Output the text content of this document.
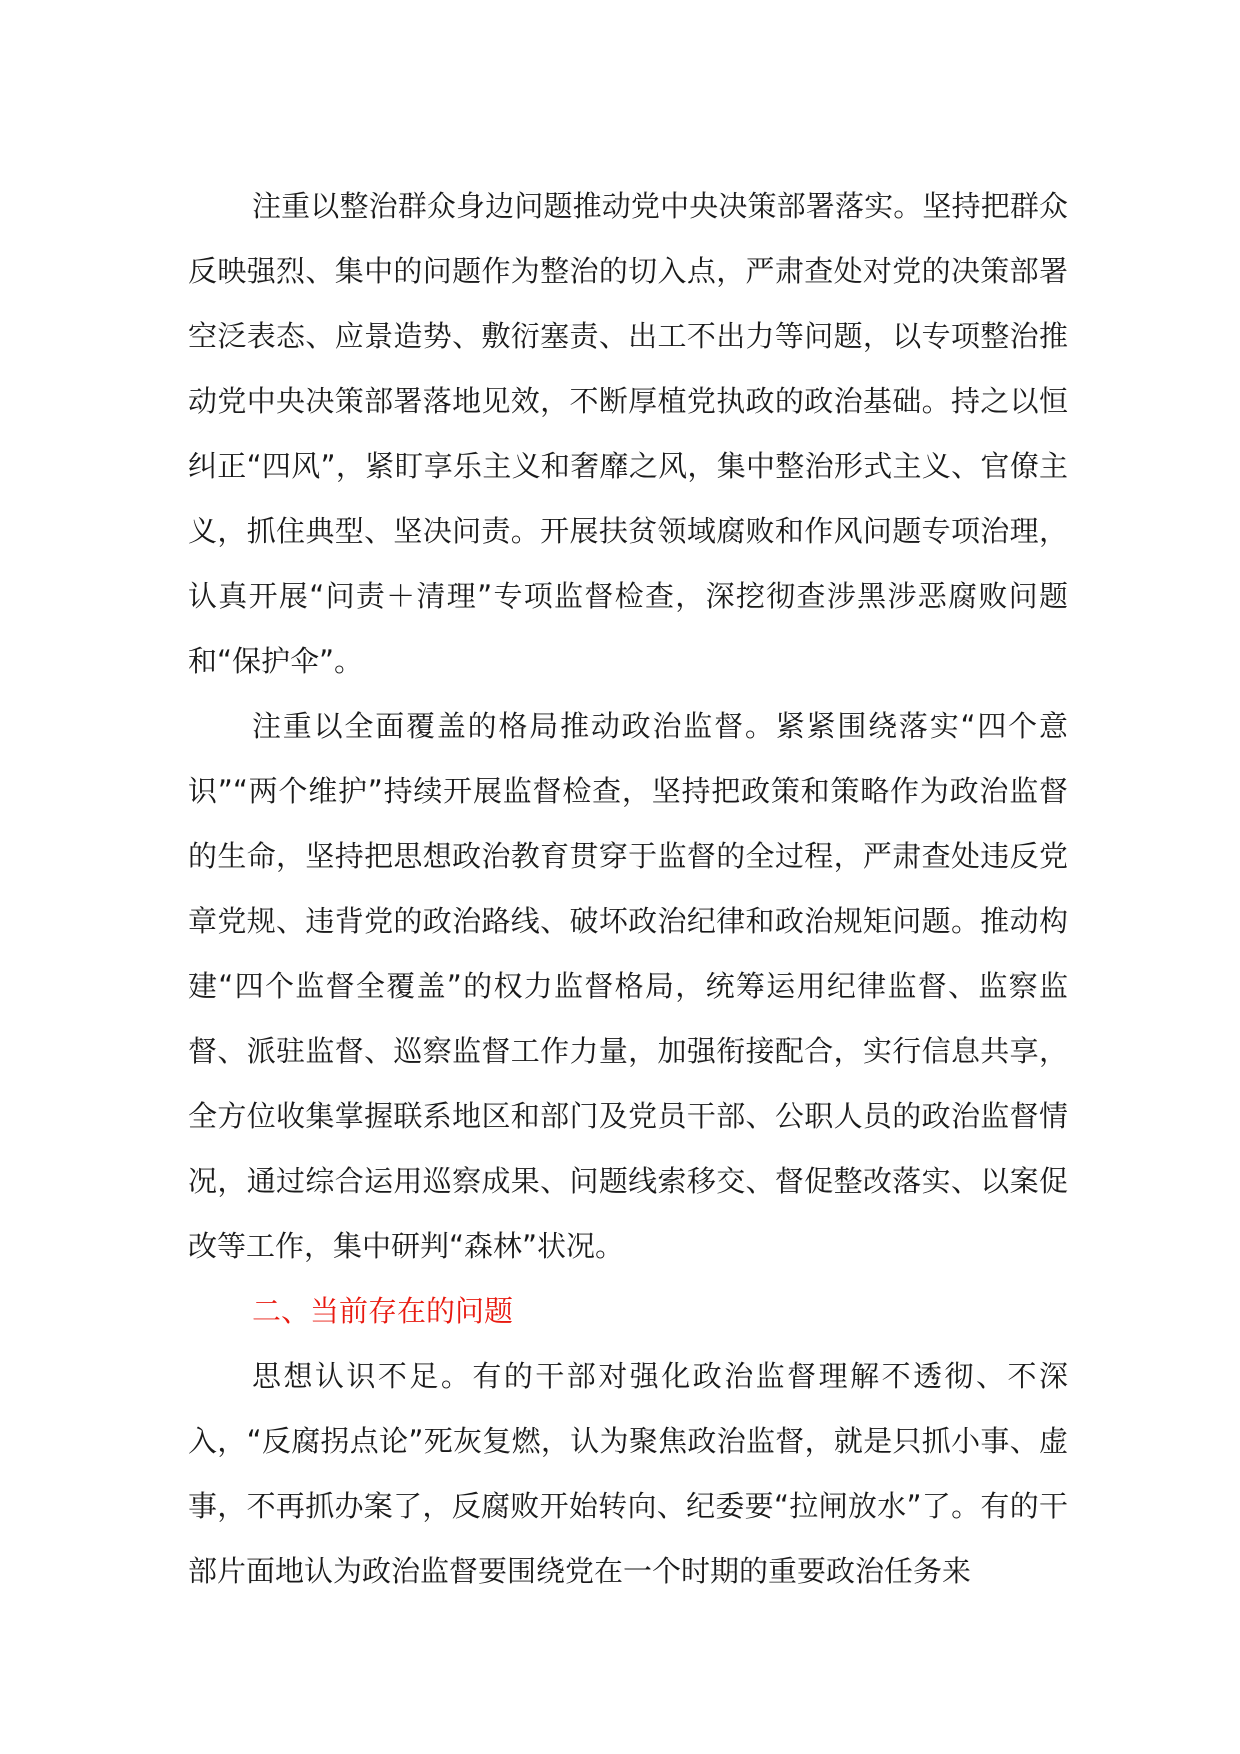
注重以整治群众身边问题推动党中央决策部署落实。坚持把群众反映强烈、集中的问题作为整治的切入点，严肃查处对党的决策部署空泛表态、应景造势、敷衍塞责、出工不出力等问题，以专项整治推动党中央决策部署落地见效，不断厚植党执政的政治基础。持之以恒纠正“四风”，紧盯享乐主义和奢靡之风，集中整治形式主义、官僚主义，抓住典型、坚决问责。开展扶贫领域腐败和作风问题专项治理，认真开展“问责＋清理”专项监督检查，深挖彻查涉黑涉恶腐败问题和“保护伞”。

注重以全面覆盖的格局推动政治监督。紧紧围绕落实“四个意识”“两个维护”持续开展监督检查，坚持把政策和策略作为政治监督的生命，坚持把思想政治教育贯穿于监督的全过程，严肃查处违反党章党规、违背党的政治路线、破坏政治纪律和政治规矩问题。推动构建“四个监督全覆盖”的权力监督格局，统筹运用纪律监督、监察监督、派驻监督、巡察监督工作力量，加强衔接配合，实行信息共享，全方位收集掌握联系地区和部门及党员干部、公职人员的政治监督情况，通过综合运用巡察成果、问题线索移交、督促整改落实、以案促改等工作，集中研判“森林”状况。

二、当前存在的问题

思想认识不足。有的干部对强化政治监督理解不透彻、不深入，“反腐拐点论”死灰复燃，认为聚焦政治监督，就是只抓小事、虚事，不再抓办案了，反腐败开始转向、纪委要“拉闸放水”了。有的干部片面地认为政治监督要围绕党在一个时期的重要政治任务来
